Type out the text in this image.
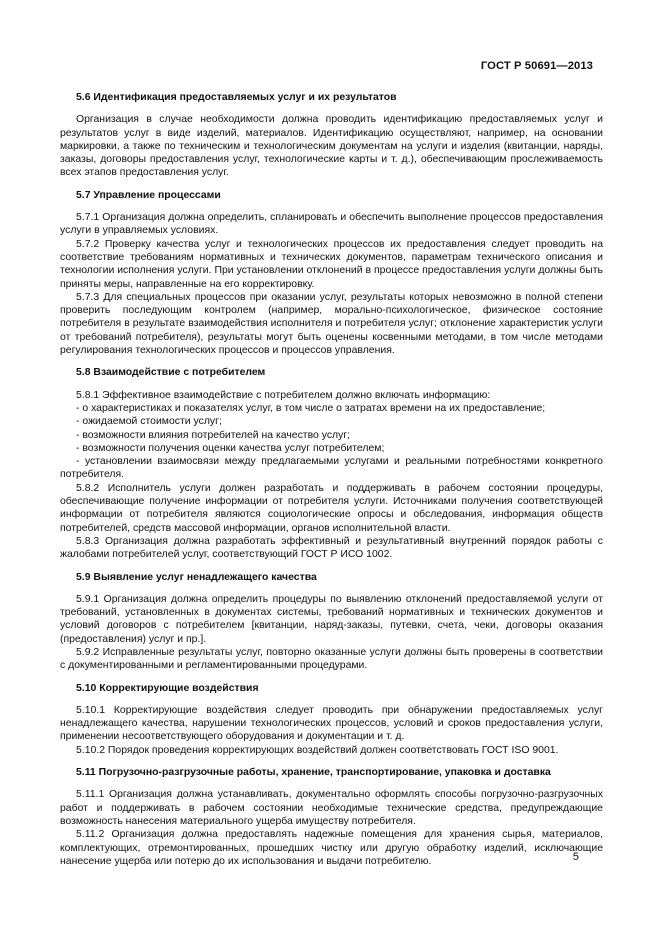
ГОСТ Р 50691—2013

5.6 Идентификация предоставляемых услуг и их результатов

Организация в случае необходимости должна проводить идентификацию предоставляемых услуг и результатов услуг в виде изделий, материалов. Идентификацию осуществляют, например, на основании маркировки, а также по техническим и технологическим документам на услуги и изделия (квитанции, наряды, заказы, договоры предоставления услуг, технологические карты и т. д.), обеспечивающим прослеживаемость всех этапов предоставления услуг.

5.7 Управление процессами

5.7.1 Организация должна определить, спланировать и обеспечить выполнение процессов предоставления услуги в управляемых условиях.

5.7.2 Проверку качества услуг и технологических процессов их предоставления следует проводить на соответствие требованиям нормативных и технических документов, параметрам технического описания и технологии исполнения услуги. При установлении отклонений в процессе предоставления услуги должны быть приняты меры, направленные на его корректировку.

5.7.3 Для специальных процессов при оказании услуг, результаты которых невозможно в полной степени проверить последующим контролем (например, морально-психологическое, физическое состояние потребителя в результате взаимодействия исполнителя и потребителя услуг; отклонение характеристик услуги от требований потребителя), результаты могут быть оценены косвенными методами, в том числе методами регулирования технологических процессов и процессов управления.

5.8 Взаимодействие с потребителем

5.8.1 Эффективное взаимодействие с потребителем должно включать информацию:

- о характеристиках и показателях услуг, в том числе о затратах времени на их предоставление;

- ожидаемой стоимости услуг;

- возможности влияния потребителей на качество услуг;

- возможности получения оценки качества услуг потребителем;

- установлении взаимосвязи между предлагаемыми услугами и реальными потребностями конкретного потребителя.

5.8.2 Исполнитель услуги должен разработать и поддерживать в рабочем состоянии процедуры, обеспечивающие получение информации от потребителя услуги. Источниками получения соответствующей информации от потребителя являются социологические опросы и обследования, информация обществ потребителей, средств массовой информации, органов исполнительной власти.

5.8.3 Организация должна разработать эффективный и результативный внутренний порядок работы с жалобами потребителей услуг, соответствующий ГОСТ Р ИСО 1002.

5.9 Выявление услуг ненадлежащего качества

5.9.1 Организация должна определить процедуры по выявлению отклонений предоставляемой услуги от требований, установленных в документах системы, требований нормативных и технических документов и условий договоров с потребителем [квитанции, наряд-заказы, путевки, счета, чеки, договоры оказания (предоставления) услуг и пр.].

5.9.2 Исправленные результаты услуг, повторно оказанные услуги должны быть проверены в соответствии с документированными и регламентированными процедурами.

5.10 Корректирующие воздействия

5.10.1 Корректирующие воздействия следует проводить при обнаружении предоставляемых услуг ненадлежащего качества, нарушении технологических процессов, условий и сроков предоставления услуги, применении несоответствующего оборудования и документации и т. д.

5.10.2 Порядок проведения корректирующих воздействий должен соответствовать ГОСТ ISO 9001.

5.11 Погрузочно-разгрузочные работы, хранение, транспортирование, упаковка и доставка

5.11.1 Организация должна устанавливать, документально оформлять способы погрузочно-разгрузочных работ и поддерживать в рабочем состоянии необходимые технические средства, предупреждающие возможность нанесения материального ущерба имуществу потребителя.

5.11.2 Организация должна предоставлять надежные помещения для хранения сырья, материалов, комплектующих, отремонтированных, прошедших чистку или другую обработку изделий, исключающие нанесение ущерба или потерю до их использования и выдачи потребителю.	5
